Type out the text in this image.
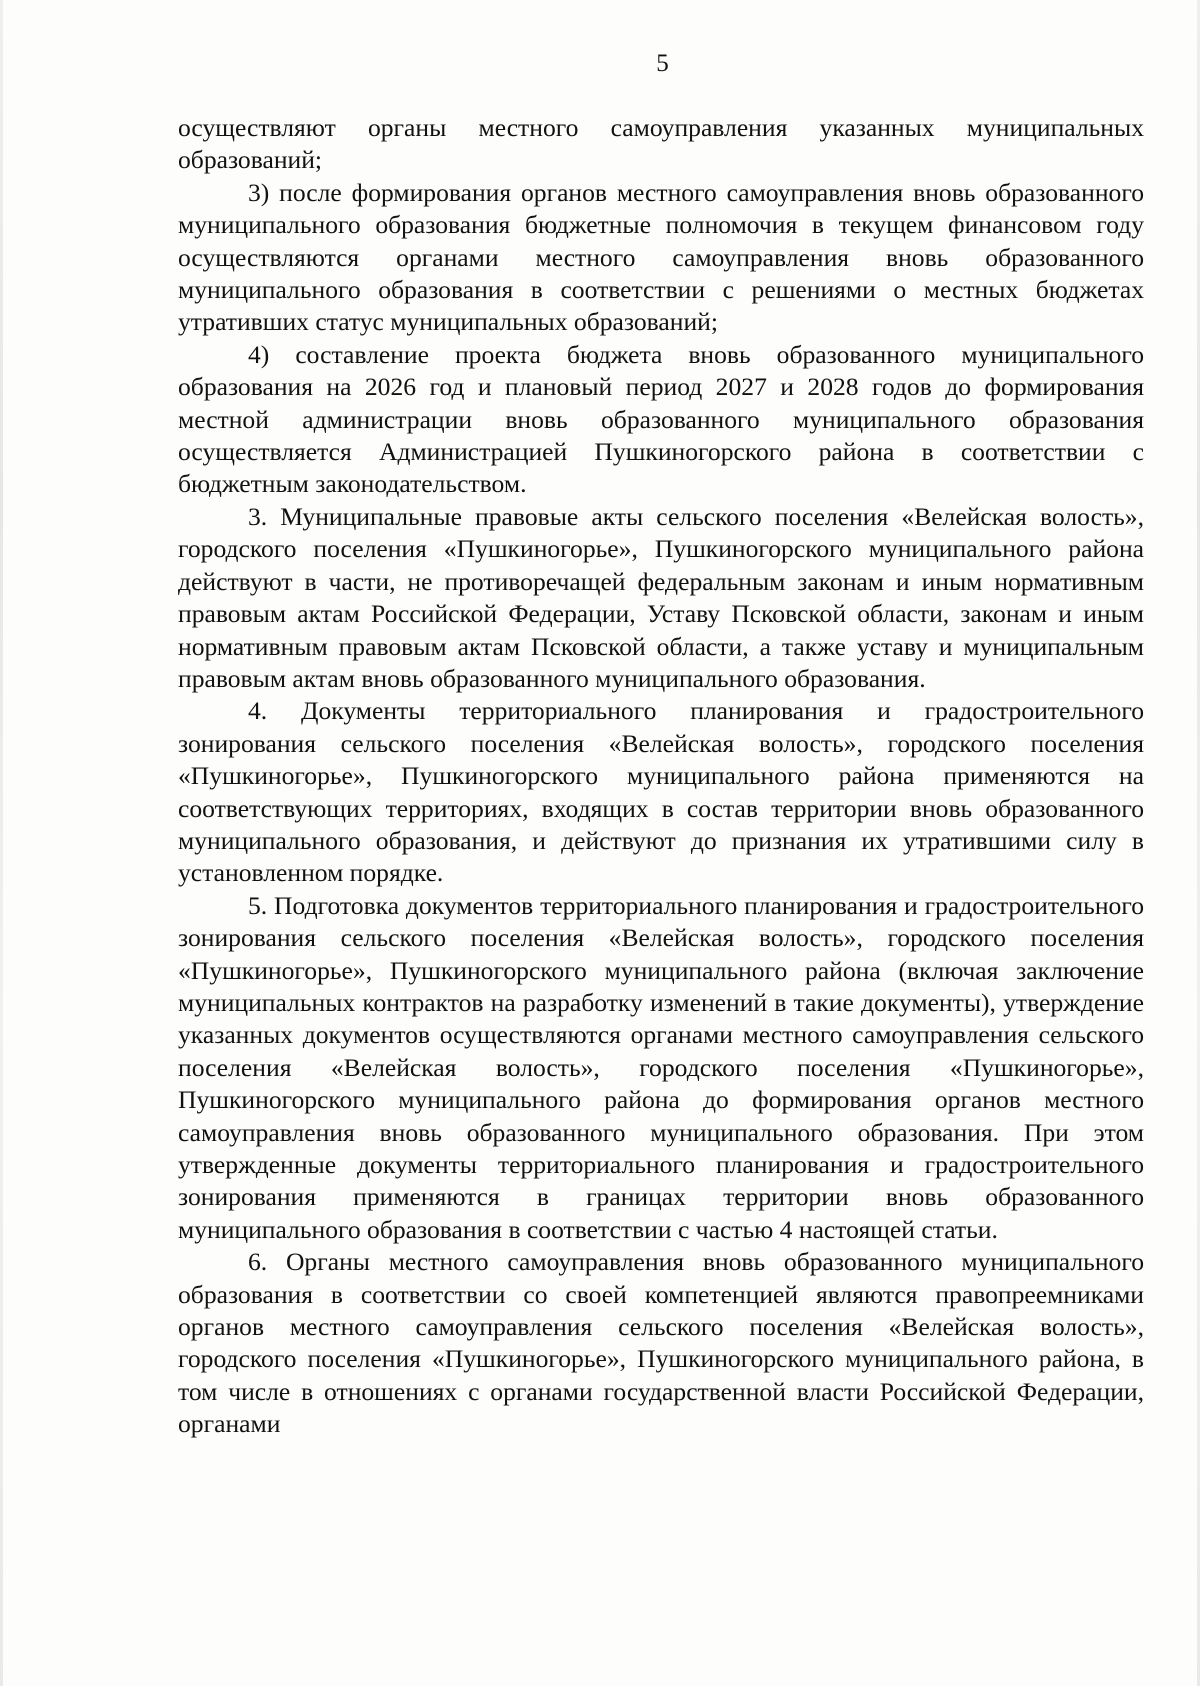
5

осуществляют органы местного самоуправления указанных муниципальных образований;

3) после формирования органов местного самоуправления вновь образованного муниципального образования бюджетные полномочия в текущем финансовом году осуществляются органами местного самоуправления вновь образованного муниципального образования в соответствии с решениями о местных бюджетах утративших статус муниципальных образований;

4) составление проекта бюджета вновь образованного муниципального образования на 2026 год и плановый период 2027 и 2028 годов до формирования местной администрации вновь образованного муниципального образования осуществляется Администрацией Пушкиногорского района в соответствии с бюджетным законодательством.

3. Муниципальные правовые акты сельского поселения «Велейская волость», городского поселения «Пушкиногорье», Пушкиногорского муниципального района действуют в части, не противоречащей федеральным законам и иным нормативным правовым актам Российской Федерации, Уставу Псковской области, законам и иным нормативным правовым актам Псковской области, а также уставу и муниципальным правовым актам вновь образованного муниципального образования.

4. Документы территориального планирования и градостроительного зонирования сельского поселения «Велейская волость», городского поселения «Пушкиногорье», Пушкиногорского муниципального района применяются на соответствующих территориях, входящих в состав территории вновь образованного муниципального образования, и действуют до признания их утратившими силу в установленном порядке.

5. Подготовка документов территориального планирования и градостроительного зонирования сельского поселения «Велейская волость», городского поселения «Пушкиногорье», Пушкиногорского муниципального района (включая заключение муниципальных контрактов на разработку изменений в такие документы), утверждение указанных документов осуществляются органами местного самоуправления сельского поселения «Велейская волость», городского поселения «Пушкиногорье», Пушкиногорского муниципального района до формирования органов местного самоуправления вновь образованного муниципального образования. При этом утвержденные документы территориального планирования и градостроительного зонирования применяются в границах территории вновь образованного муниципального образования в соответствии с частью 4 настоящей статьи.

6. Органы местного самоуправления вновь образованного муниципального образования в соответствии со своей компетенцией являются правопреемниками органов местного самоуправления сельского поселения «Велейская волость», городского поселения «Пушкиногорье», Пушкиногорского муниципального района, в том числе в отношениях с органами государственной власти Российской Федерации, органами
